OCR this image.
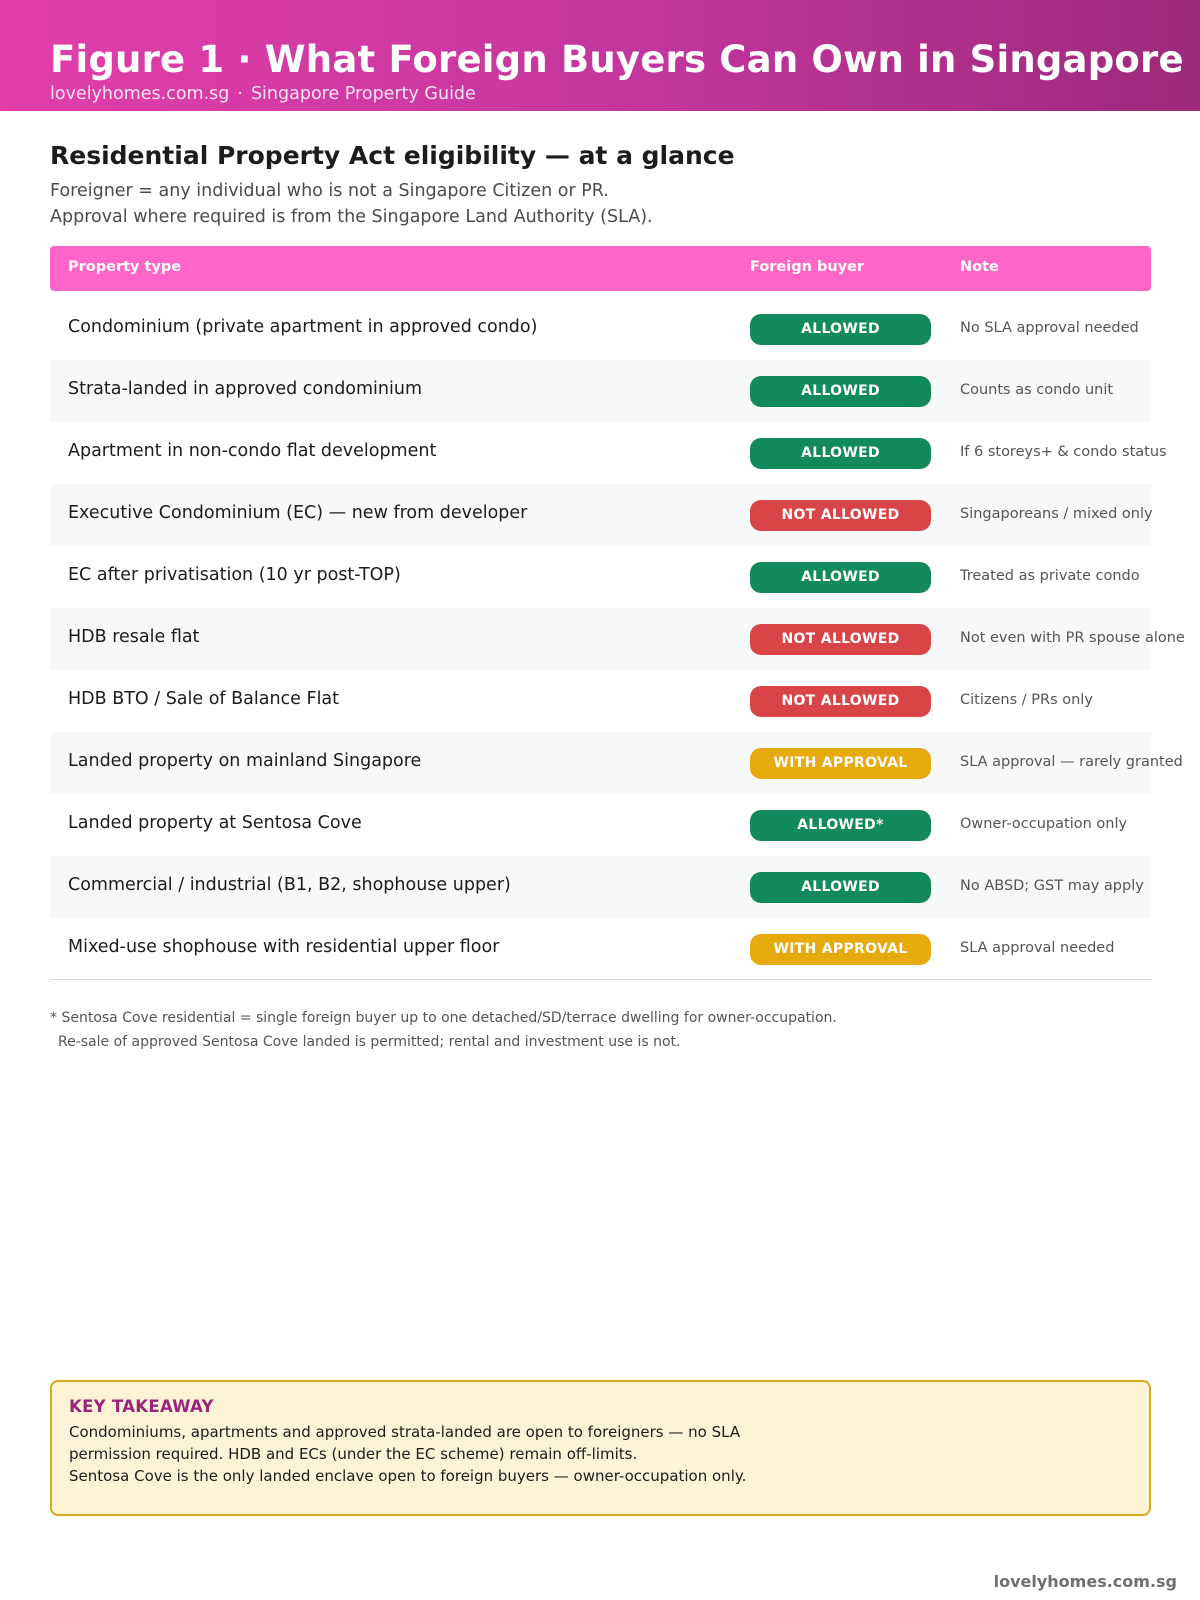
Figure 1 · What Foreign Buyers Can Own in Singapore
lovelyhomes.com.sg · Singapore Property Guide
Residential Property Act eligibility — at a glance
Foreigner = any individual who is not a Singapore Citizen or PR.
Approval where required is from the Singapore Land Authority (SLA).
Property type	Foreign buyer	Note
Condominium (private apartment in approved condo)	ALLOWED	No SLA approval needed
Strata-landed in approved condominium	ALLOWED	Counts as condo unit
Apartment in non-condo flat development	ALLOWED	If 6 storeys+ & condo status
Executive Condominium (EC) — new from developer	NOT ALLOWED	Singaporeans / mixed only
EC after privatisation (10 yr post-TOP)	ALLOWED	Treated as private condo
HDB resale flat	NOT ALLOWED	Not even with PR spouse alone
HDB BTO / Sale of Balance Flat	NOT ALLOWED	Citizens / PRs only
Landed property on mainland Singapore	WITH APPROVAL	SLA approval — rarely granted
Landed property at Sentosa Cove	ALLOWED*	Owner-occupation only
Commercial / industrial (B1, B2, shophouse upper)	ALLOWED	No ABSD; GST may apply
Mixed-use shophouse with residential upper floor	WITH APPROVAL	SLA approval needed
* Sentosa Cove residential = single foreign buyer up to one detached/SD/terrace dwelling for owner-occupation.
Re-sale of approved Sentosa Cove landed is permitted; rental and investment use is not.
KEY TAKEAWAY
Condominiums, apartments and approved strata-landed are open to foreigners — no SLA
permission required. HDB and ECs (under the EC scheme) remain off-limits.
Sentosa Cove is the only landed enclave open to foreign buyers — owner-occupation only.
lovelyhomes.com.sg
